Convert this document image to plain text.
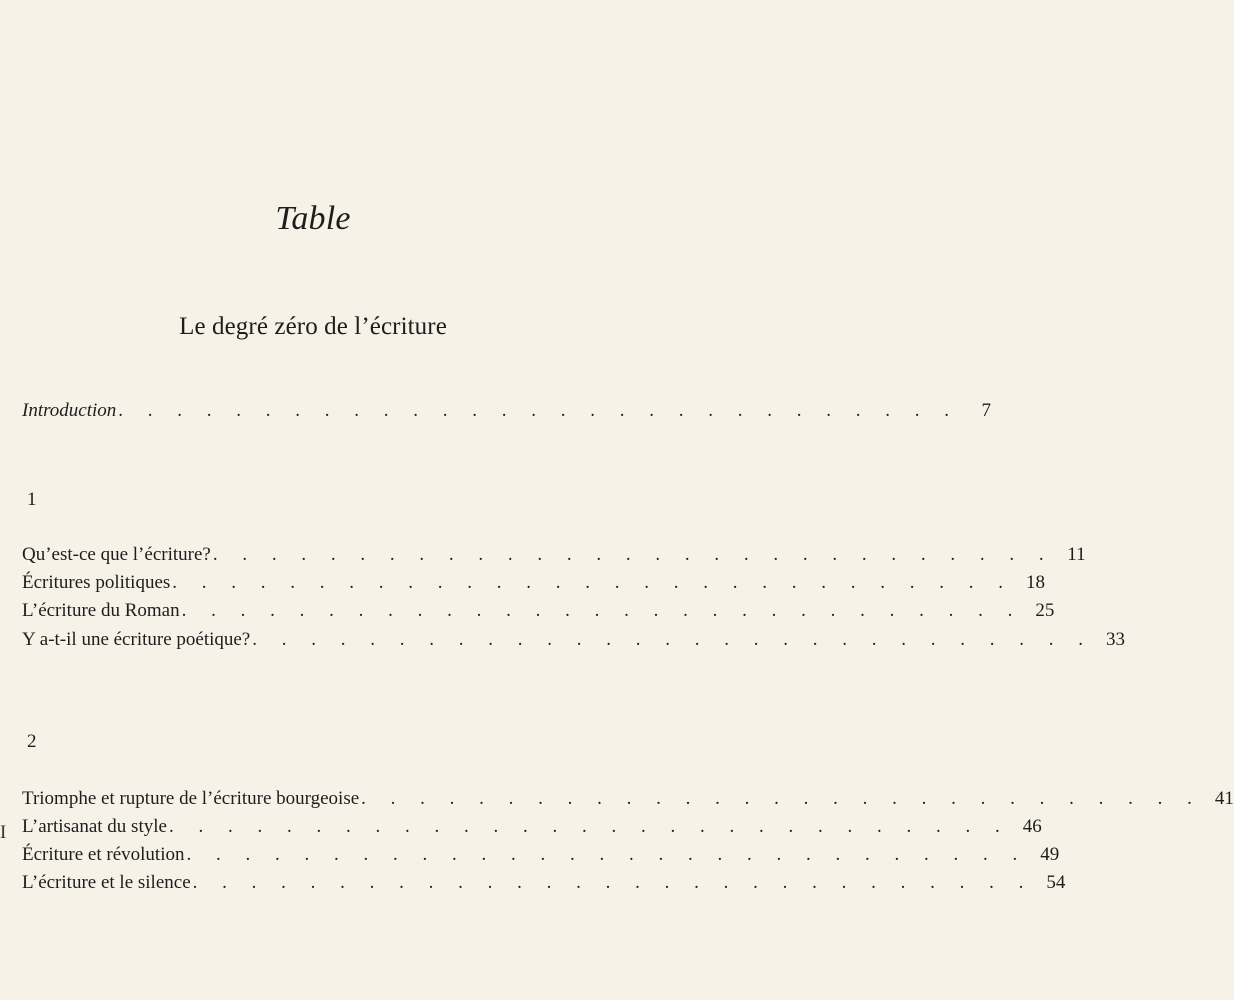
Table
Le degré zéro de l’écriture
Introduction . . . . . . . . . . . . . . . . . . . . . . . . . . . . .	7
1
Qu’est-ce que l’écriture? . . . . . . . . . . . . . . . . . . . . . . . . . . . . . 11
Écritures politiques . . . . . . . . . . . . . . . . . . . . . . . . . . . . . 18
L’écriture du Roman . . . . . . . . . . . . . . . . . . . . . . . . . . . . . 25
Y a-t-il une écriture poétique? . . . . . . . . . . . . . . . . . . . . . . . . . . . . . 33
2
Triomphe et rupture de l’écriture bourgeoise . . . . . . . . . . . . . . . . . . . . . . . . . . . . . 41
L’artisanat du style . . . . . . . . . . . . . . . . . . . . . . . . . . . . . 46
Écriture et révolution . . . . . . . . . . . . . . . . . . . . . . . . . . . . . 49
L’écriture et le silence . . . . . . . . . . . . . . . . . . . . . . . . . . . . . 54
I
